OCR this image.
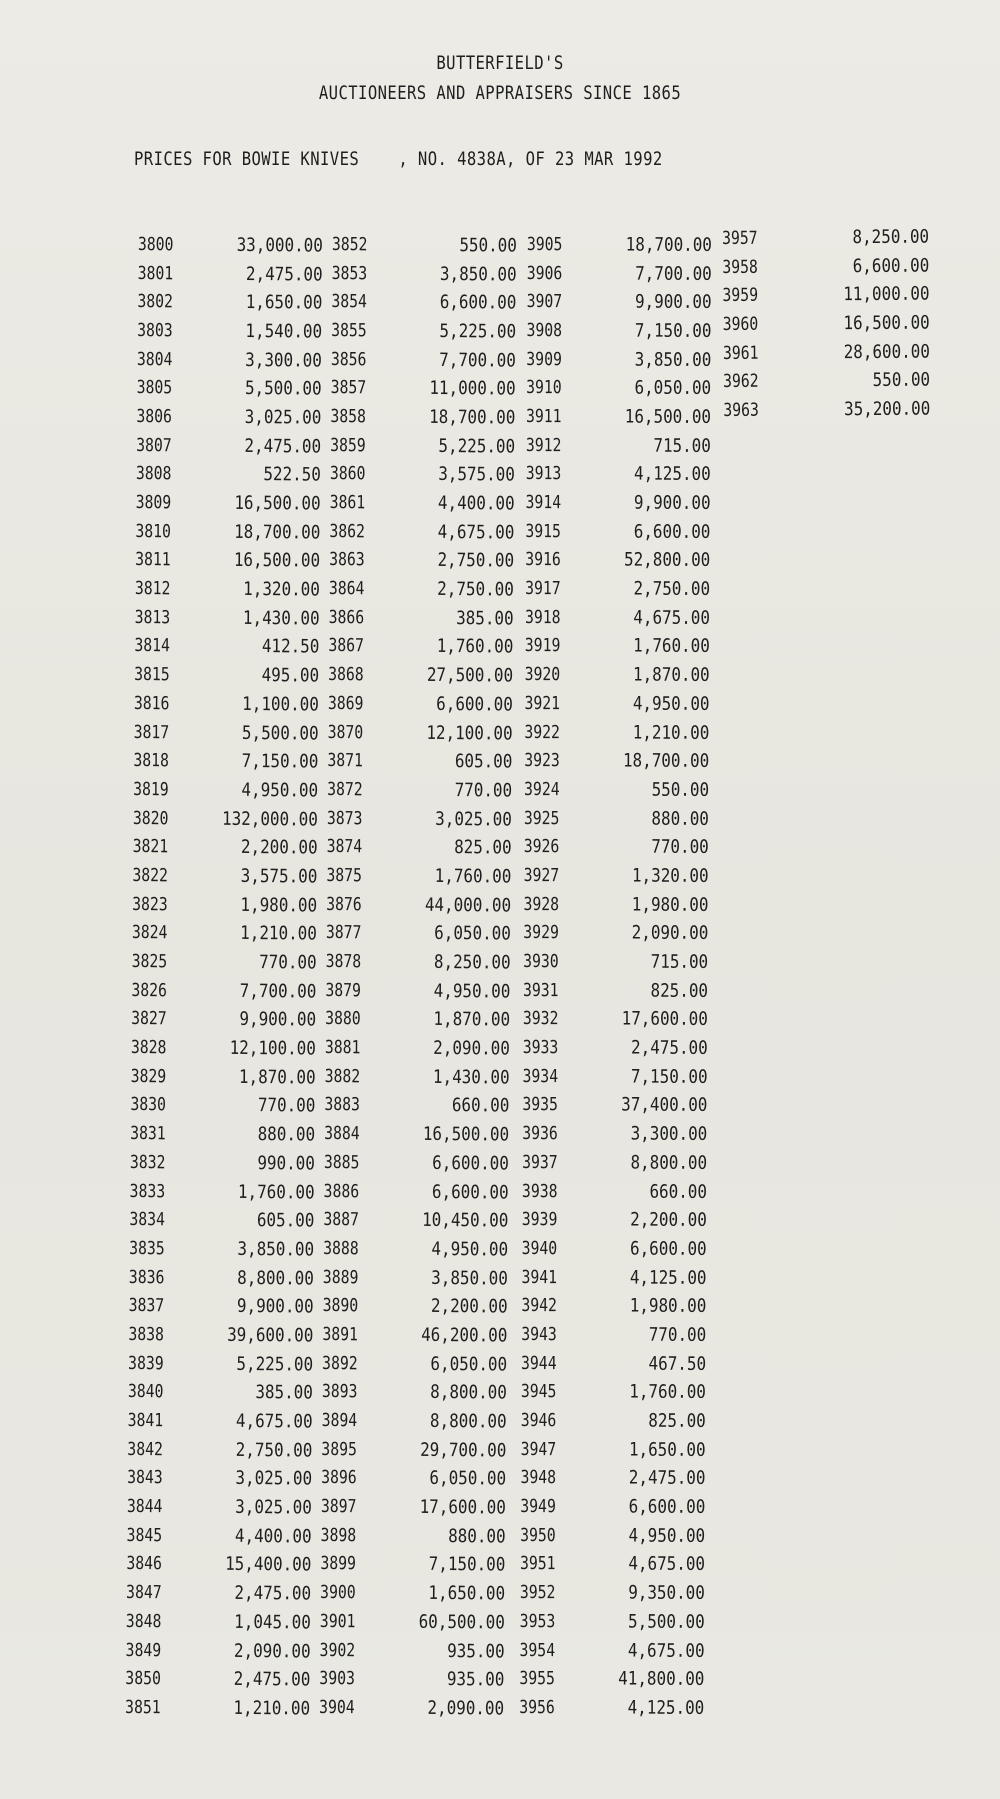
BUTTERFIELD'S
AUCTIONEERS AND APPRAISERS SINCE 1865
PRICES FOR BOWIE KNIVES    , NO. 4838A, OF 23 MAR 1992
3800	33,000.00
3801	2,475.00
3802	1,650.00
3803	1,540.00
3804	3,300.00
3805	5,500.00
3806	3,025.00
3807	2,475.00
3808	522.50
3809	16,500.00
3810	18,700.00
3811	16,500.00
3812	1,320.00
3813	1,430.00
3814	412.50
3815	495.00
3816	1,100.00
3817	5,500.00
3818	7,150.00
3819	4,950.00
3820	132,000.00
3821	2,200.00
3822	3,575.00
3823	1,980.00
3824	1,210.00
3825	770.00
3826	7,700.00
3827	9,900.00
3828	12,100.00
3829	1,870.00
3830	770.00
3831	880.00
3832	990.00
3833	1,760.00
3834	605.00
3835	3,850.00
3836	8,800.00
3837	9,900.00
3838	39,600.00
3839	5,225.00
3840	385.00
3841	4,675.00
3842	2,750.00
3843	3,025.00
3844	3,025.00
3845	4,400.00
3846	15,400.00
3847	2,475.00
3848	1,045.00
3849	2,090.00
3850	2,475.00
3851	1,210.00
3852	550.00
3853	3,850.00
3854	6,600.00
3855	5,225.00
3856	7,700.00
3857	11,000.00
3858	18,700.00
3859	5,225.00
3860	3,575.00
3861	4,400.00
3862	4,675.00
3863	2,750.00
3864	2,750.00
3866	385.00
3867	1,760.00
3868	27,500.00
3869	6,600.00
3870	12,100.00
3871	605.00
3872	770.00
3873	3,025.00
3874	825.00
3875	1,760.00
3876	44,000.00
3877	6,050.00
3878	8,250.00
3879	4,950.00
3880	1,870.00
3881	2,090.00
3882	1,430.00
3883	660.00
3884	16,500.00
3885	6,600.00
3886	6,600.00
3887	10,450.00
3888	4,950.00
3889	3,850.00
3890	2,200.00
3891	46,200.00
3892	6,050.00
3893	8,800.00
3894	8,800.00
3895	29,700.00
3896	6,050.00
3897	17,600.00
3898	880.00
3899	7,150.00
3900	1,650.00
3901	60,500.00
3902	935.00
3903	935.00
3904	2,090.00
3905	18,700.00
3906	7,700.00
3907	9,900.00
3908	7,150.00
3909	3,850.00
3910	6,050.00
3911	16,500.00
3912	715.00
3913	4,125.00
3914	9,900.00
3915	6,600.00
3916	52,800.00
3917	2,750.00
3918	4,675.00
3919	1,760.00
3920	1,870.00
3921	4,950.00
3922	1,210.00
3923	18,700.00
3924	550.00
3925	880.00
3926	770.00
3927	1,320.00
3928	1,980.00
3929	2,090.00
3930	715.00
3931	825.00
3932	17,600.00
3933	2,475.00
3934	7,150.00
3935	37,400.00
3936	3,300.00
3937	8,800.00
3938	660.00
3939	2,200.00
3940	6,600.00
3941	4,125.00
3942	1,980.00
3943	770.00
3944	467.50
3945	1,760.00
3946	825.00
3947	1,650.00
3948	2,475.00
3949	6,600.00
3950	4,950.00
3951	4,675.00
3952	9,350.00
3953	5,500.00
3954	4,675.00
3955	41,800.00
3956	4,125.00
3957	8,250.00
3958	6,600.00
3959	11,000.00
3960	16,500.00
3961	28,600.00
3962	550.00
3963	35,200.00
